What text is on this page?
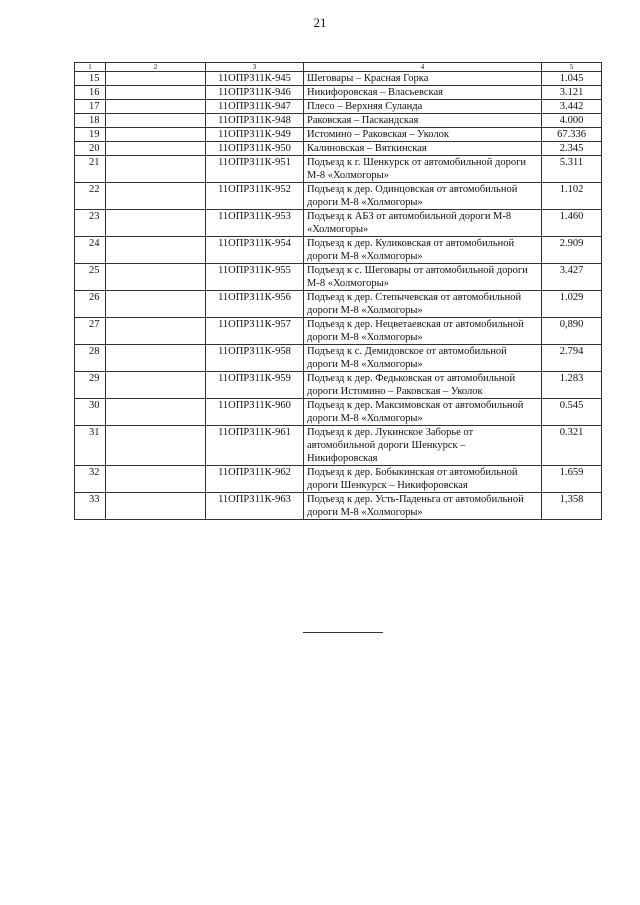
21
1	2	3	4	5
15		11ОПРЗ11К-945	Шеговары – Красная Горка	1.045
16		11ОПРЗ11К-946	Никифоровская – Власьевская	3.121
17		11ОПРЗ11К-947	Плесо – Верхняя Суланда	3.442
18		11ОПРЗ11К-948	Раковская – Паскандская	4.000
19		11ОПРЗ11К-949	Истомино – Раковская – Уколок	67.336
20		11ОПРЗ11К-950	Калиновская – Вяткинская	2.345
21		11ОПРЗ11К-951	Подъезд к г. Шенкурск от автомобильной дороги М-8 «Холмогоры»	5.311
22		11ОПРЗ11К-952	Подъезд к дер. Одинцовская от автомобильной дороги М-8 «Холмогоры»	1.102
23		11ОПРЗ11К-953	Подъезд к АБЗ от автомобильной дороги М-8 «Холмогоры»	1.460
24		11ОПРЗ11К-954	Подъезд к дер. Куликовская от автомобильной дороги М-8 «Холмогоры»	2.909
25		11ОПРЗ11К-955	Подъезд к с. Шеговары от автомобильной дороги М-8 «Холмогоры»	3.427
26		11ОПРЗ11К-956	Подъезд к дер. Степычевская от автомобильной дороги М-8 «Холмогоры»	1.029
27		11ОПРЗ11К-957	Подъезд к дер. Нецветаевская от автомобильной дороги М-8 «Холмогоры»	0,890
28		11ОПРЗ11К-958	Подъезд к с. Демидовское от автомобильной дороги М-8 «Холмогоры»	2.794
29		11ОПРЗ11К-959	Подъезд к дер. Федьковская от автомобильной дороги Истомино – Раковская – Уколок	1.283
30		11ОПРЗ11К-960	Подъезд к дер. Максимовская от автомобильной дороги М-8 «Холмогоры»	0.545
31		11ОПРЗ11К-961	Подъезд к дер. Лукинское Заборье от автомобильной дороги Шенкурск – Никифоровская	0.321
32		11ОПРЗ11К-962	Подъезд к дер. Бобыкинская от автомобильной дороги Шенкурск – Никифоровская	1.659
33		11ОПРЗ11К-963	Подъезд к дер. Усть-Паденьга от автомобильной дороги М-8 «Холмогоры»	1,358
